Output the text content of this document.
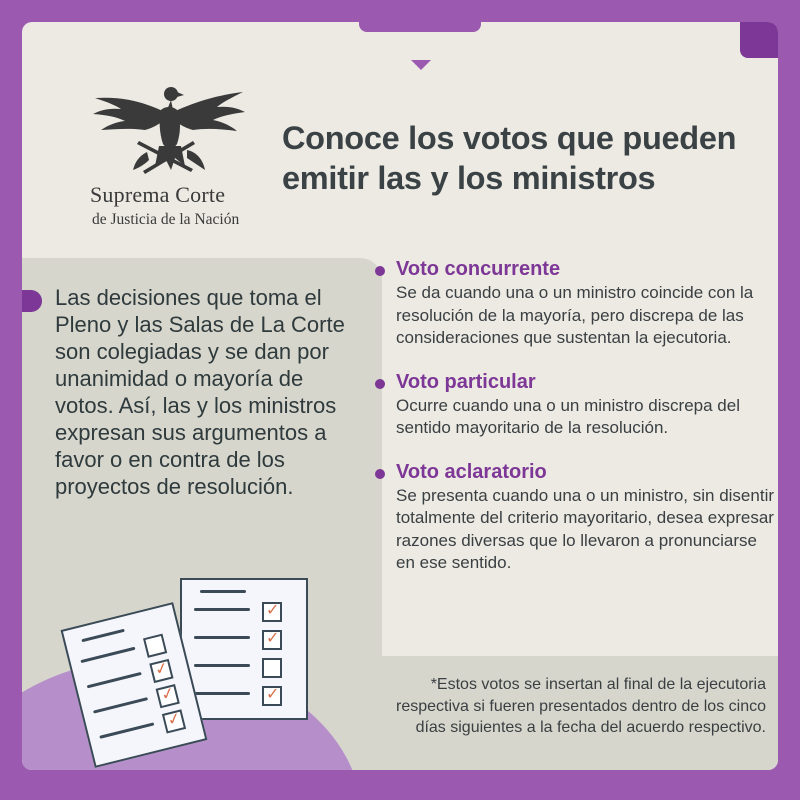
Suprema Corte
de Justicia de la Nación
Conoce los votos que pueden emitir las y los ministros
Las decisiones que toma el Pleno y las Salas de La Corte son colegiadas y se dan por unanimidad o mayoría de votos. Así, las y los ministros expresan sus argumentos a favor o en contra de los proyectos de resolución.
✓
✓
✓
✓
✓
✓
Voto concurrente
Se da cuando una o un ministro coincide con la resolución de la mayoría, pero discrepa de las consideraciones que sustentan la ejecutoria.
Voto particular
Ocurre cuando una o un ministro discrepa del sentido mayoritario de la resolución.
Voto aclaratorio
Se presenta cuando una o un ministro, sin disentir totalmente del criterio mayoritario, desea expresar razones diversas que lo llevaron a pronunciarse en ese sentido.
*Estos votos se insertan al final de la ejecutoria respectiva si fueren presentados dentro de los cinco días siguientes a la fecha del acuerdo respectivo.
